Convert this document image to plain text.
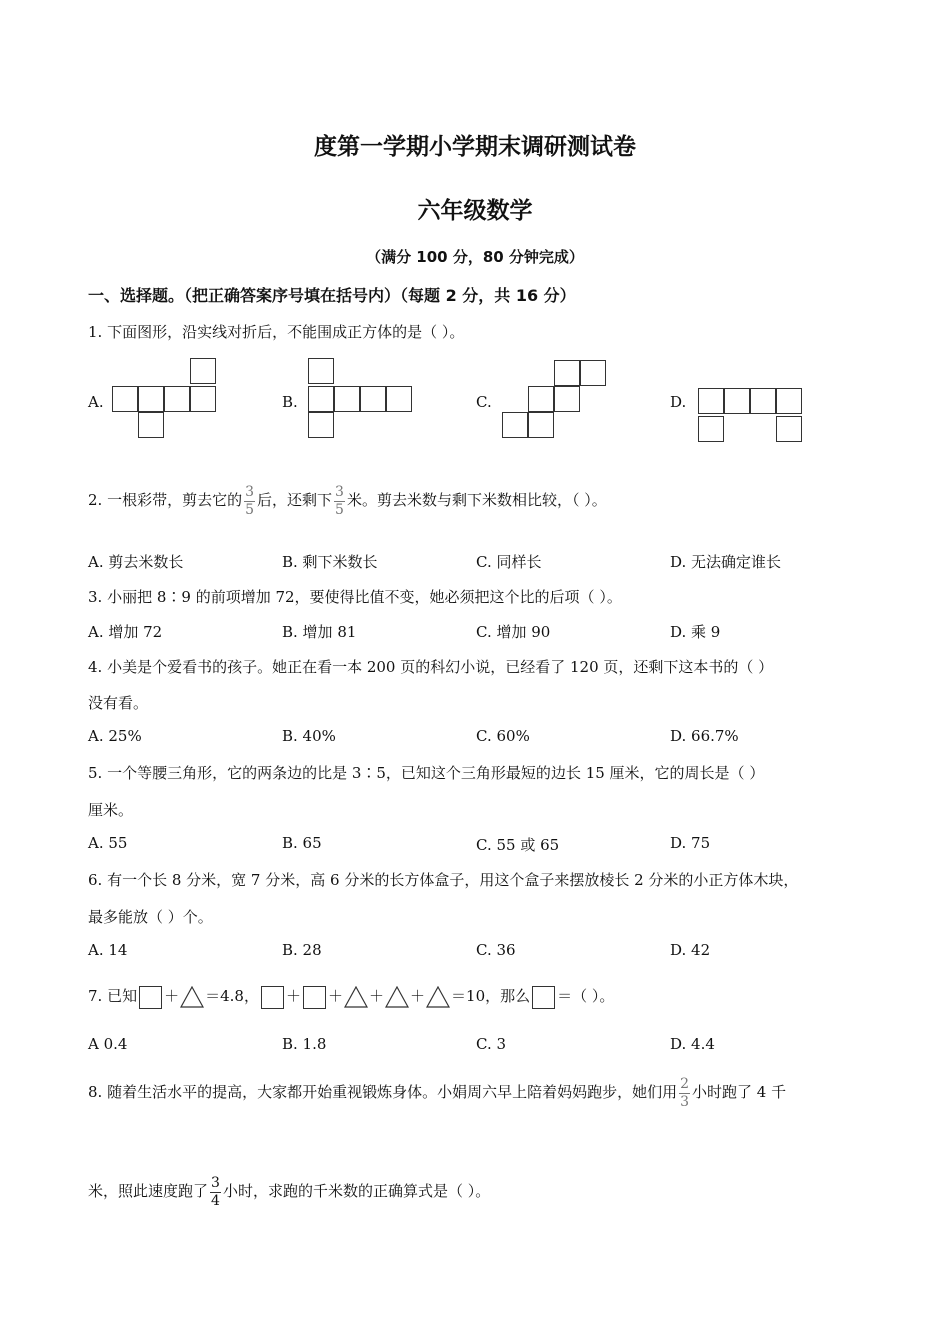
度第一学期小学期末调研测试卷
六年级数学
（满分 100 分，80 分钟完成）
一、选择题。（把正确答案序号填在括号内）（每题 2 分，共 16 分）
1. 下面图形，沿实线对折后，不能围成正方体的是（ ）。
A.	B.	C.	D.
2. 一根彩带，剪去它的 $\frac{3}{5}$ 后，还剩下 $\frac{3}{5}$ 米。剪去米数与剩下米数相比较，（ ）。
A. 剪去米数长	B. 剩下米数长	C. 同样长	D. 无法确定谁长
3. 小丽把 8∶9 的前项增加 72，要使得比值不变，她必须把这个比的后项（ ）。
A. 增加 72	B. 增加 81	C. 增加 90	D. 乘 9
4. 小美是个爱看书的孩子。她正在看一本 200 页的科幻小说，已经看了 120 页，还剩下这本书的（ ）
没有看。
A. 25%	B. 40%	C. 60%	D. 66.7%
5. 一个等腰三角形，它的两条边的比是 3∶5，已知这个三角形最短的边长 15 厘米，它的周长是（ ）
厘米。
A. 55	B. 65	C. 55 或 65	D. 75
6. 有一个长 8 分米，宽 7 分米，高 6 分米的长方体盒子，用这个盒子来摆放棱长 2 分米的小正方体木块，
最多能放（ ）个。
A. 14	B. 28	C. 36	D. 42
7. 已知 ＋ ＝4.8， ＋ ＋ ＋ ＋ ＝10，那么 ＝（ ）。
A 0.4	B. 1.8	C. 3	D. 4.4
8. 随着生活水平的提高，大家都开始重视锻炼身体。小娟周六早上陪着妈妈跑步，她们用 $\frac{2}{3}$ 小时跑了 4 千
米，照此速度跑了 $\frac{3}{4}$ 小时，求跑的千米数的正确算式是（ ）。
